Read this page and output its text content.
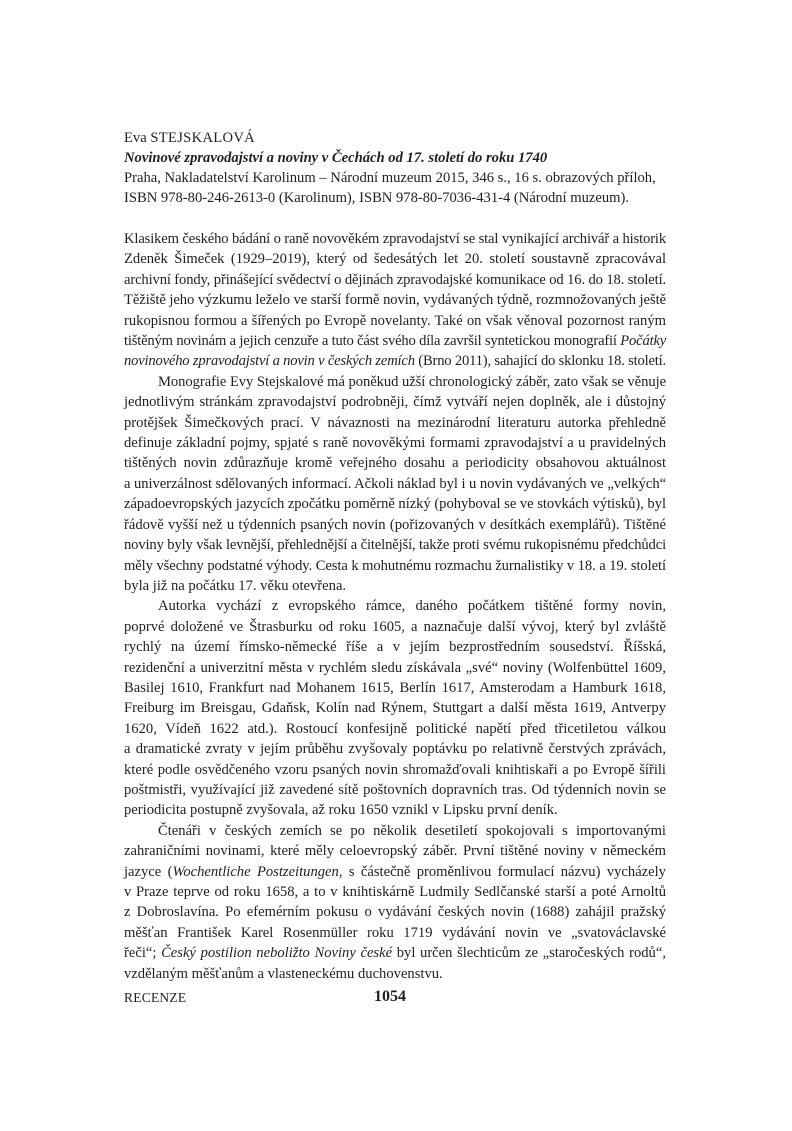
Eva STEJSKALOVÁ
Novinové zpravodajství a noviny v Čechách od 17. století do roku 1740
Praha, Nakladatelství Karolinum – Národní muzeum 2015, 346 s., 16 s. obrazových příloh,
ISBN 978-80-246-2613-0 (Karolinum), ISBN 978-80-7036-431-4 (Národní muzeum).

Klasikem českého bádání o raně novověkém zpravodajství se stal vynikající archivář a historik
Zdeněk Šimeček (1929–2019), který od šedesátých let 20. století soustavně zpracovával
archivní fondy, přinášející svědectví o dějinách zpravodajské komunikace od 16. do 18. století.
Těžiště jeho výzkumu leželo ve starší formě novin, vydávaných týdně, rozmnožovaných ještě
rukopisnou formou a šířených po Evropě novelanty. Také on však věnoval pozornost raným
tištěným novinám a jejich cenzuře a tuto část svého díla završil syntetickou monografií Počátky
novinového zpravodajství a novin v českých zemích (Brno 2011), sahající do sklonku 18. století.

Monografie Evy Stejskalové má poněkud užší chronologický záběr, zato však se věnuje
jednotlivým stránkám zpravodajství podrobněji, čímž vytváří nejen doplněk, ale i důstojný
protějšek Šimečkových prací. V návaznosti na mezinárodní literaturu autorka přehledně
definuje základní pojmy, spjaté s raně novověkými formami zpravodajství a u pravidelných
tištěných novin zdůrazňuje kromě veřejného dosahu a periodicity obsahovou aktuálnost
a univerzálnost sdělovaných informací. Ačkoli náklad byl i u novin vydávaných ve „velkých“
západoevropských jazycích zpočátku poměrně nízký (pohyboval se ve stovkách výtisků), byl
řádově vyšší než u týdenních psaných novin (pořizovaných v desítkách exemplářů). Tištěné
noviny byly však levnější, přehlednější a čitelnější, takže proti svému rukopisnému předchůdci
měly všechny podstatné výhody. Cesta k mohutnému rozmachu žurnalistiky v 18. a 19. století
byla již na počátku 17. věku otevřena.

Autorka vychází z evropského rámce, daného počátkem tištěné formy novin,
poprvé doložené ve Štrasburku od roku 1605, a naznačuje další vývoj, který byl zvláště
rychlý na území římsko-německé říše a v jejím bezprostředním sousedství. Říšská,
rezidenční a univerzitní města v rychlém sledu získávala „své“ noviny (Wolfenbüttel 1609,
Basilej 1610, Frankfurt nad Mohanem 1615, Berlín 1617, Amsterodam a Hamburk 1618,
Freiburg im Breisgau, Gdaňsk, Kolín nad Rýnem, Stuttgart a další města 1619, Antverpy
1620, Vídeň 1622 atd.). Rostoucí konfesijně politické napětí před třicetiletou válkou
a dramatické zvraty v jejím průběhu zvyšovaly poptávku po relativně čerstvých zprávách,
které podle osvědčeného vzoru psaných novin shromažďovali knihtiskaři a po Evropě šířili
poštmistři, využívající již zavedené sítě poštovních dopravních tras. Od týdenních novin se
periodicita postupně zvyšovala, až roku 1650 vznikl v Lipsku první deník.

Čtenáři v českých zemích se po několik desetiletí spokojovali s importovanými
zahraničními novinami, které měly celoevropský záběr. První tištěné noviny v německém
jazyce (Wochentliche Postzeitungen, s částečně proměnlivou formulací názvu) vycházely
v Praze teprve od roku 1658, a to v knihtiskárně Ludmily Sedlčanské starší a poté Arnoltů
z Dobroslavína. Po efemérním pokusu o vydávání českých novin (1688) zahájil pražský
měšťan František Karel Rosenmüller roku 1719 vydávání novin ve „svatováclavské
řeči“; Český postilion neboližto Noviny české byl určen šlechticům ze „staročeských rodů“,
vzdělaným měšťanům a vlasteneckému duchovenstvu.

RECENZE	1054
